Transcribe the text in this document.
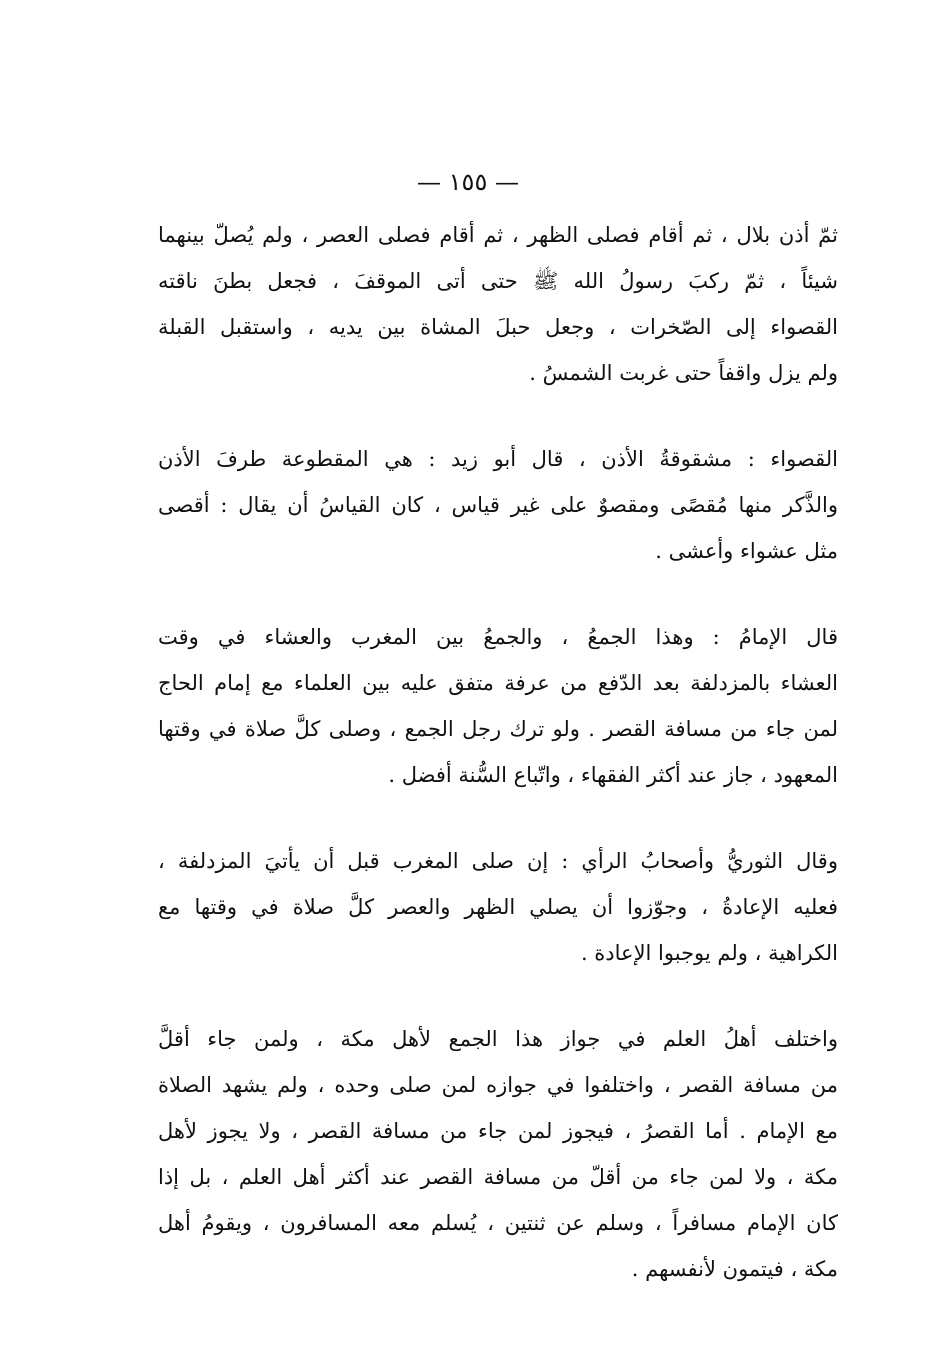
— ١٥٥ —

ثمّ أذن بلال ، ثم أقام فصلى الظهر ، ثم أقام فصلى العصر ، ولم يُصلّ بينهما
شيئاً ، ثمّ ركبَ رسولُ الله ﷺ حتى أتى الموقفَ ، فجعل بطنَ ناقته
القصواء إلى الصّخرات ، وجعل حبلَ المشاة بين يديه ، واستقبل القبلة
ولم يزل واقفاً حتى غربت الشمسُ .

القصواء : مشقوقةُ الأذن ، قال أبو زيد : هي المقطوعة طرفَ الأذن
والذَّكر منها مُقصًى ومقصوٌ على غير قياس ، كان القياسُ أن يقال : أقصى
مثل عشواء وأعشى .

قال الإمامُ : وهذا الجمعُ ، والجمعُ بين المغرب والعشاء في وقت
العشاء بالمزدلفة بعد الدّفع من عرفة متفق عليه بين العلماء مع إمام الحاج
لمن جاء من مسافة القصر . ولو ترك رجل الجمع ، وصلى كلَّ صلاة في وقتها
المعهود ، جاز عند أكثر الفقهاء ، واتّباع السُّنة أفضل .

وقال الثوريُّ وأصحابُ الرأي : إن صلى المغرب قبل أن يأتيَ المزدلفة ،
فعليه الإعادةُ ، وجوّزوا أن يصلي الظهر والعصر كلَّ صلاة في وقتها مع
الكراهية ، ولم يوجبوا الإعادة .

واختلف أهلُ العلم في جواز هذا الجمع لأهل مكة ، ولمن جاء أقلَّ
من مسافة القصر ، واختلفوا في جوازه لمن صلى وحده ، ولم يشهد الصلاة
مع الإمام . أما القصرُ ، فيجوز لمن جاء من مسافة القصر ، ولا يجوز لأهل
مكة ، ولا لمن جاء من أقلّ من مسافة القصر عند أكثر أهل العلم ، بل إذا
كان الإمام مسافراً ، وسلم عن ثنتين ، يُسلم معه المسافرون ، ويقومُ أهل
مكة ، فيتمون لأنفسهم .
